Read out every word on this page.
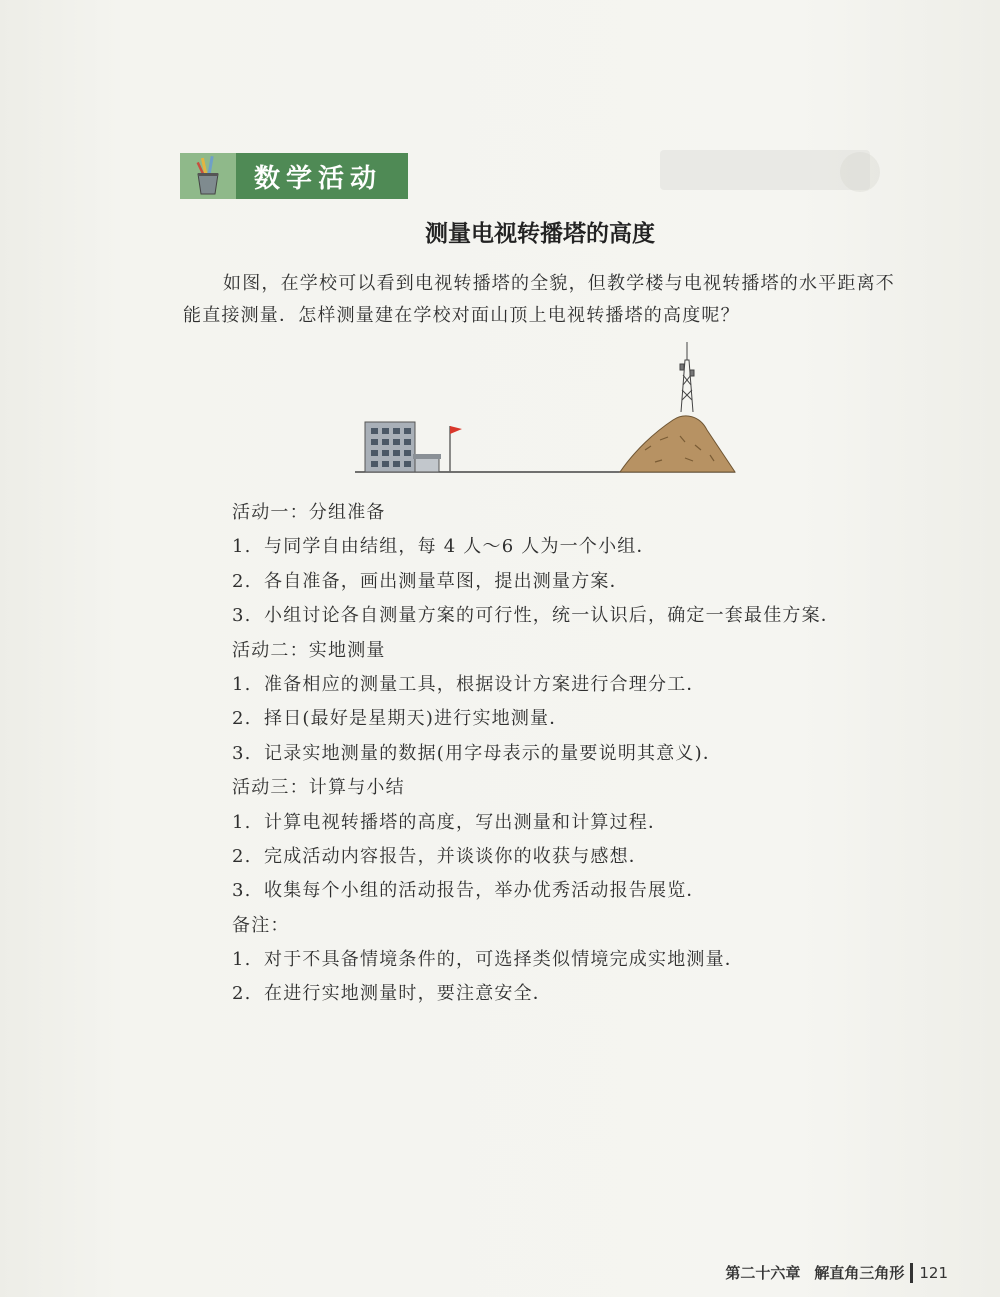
数学活动
测量电视转播塔的高度
如图，在学校可以看到电视转播塔的全貌，但教学楼与电视转播塔的水平距离不能直接测量．怎样测量建在学校对面山顶上电视转播塔的高度呢？
活动一：分组准备
1. 与同学自由结组，每 4 人～6 人为一个小组．
2. 各自准备，画出测量草图，提出测量方案．
3. 小组讨论各自测量方案的可行性，统一认识后，确定一套最佳方案．
活动二：实地测量
1. 准备相应的测量工具，根据设计方案进行合理分工．
2. 择日(最好是星期天)进行实地测量．
3. 记录实地测量的数据(用字母表示的量要说明其意义)．
活动三：计算与小结
1. 计算电视转播塔的高度，写出测量和计算过程．
2. 完成活动内容报告，并谈谈你的收获与感想．
3. 收集每个小组的活动报告，举办优秀活动报告展览．
备注：
1. 对于不具备情境条件的，可选择类似情境完成实地测量．
2. 在进行实地测量时，要注意安全．
第二十六章 解直角三角形 121
